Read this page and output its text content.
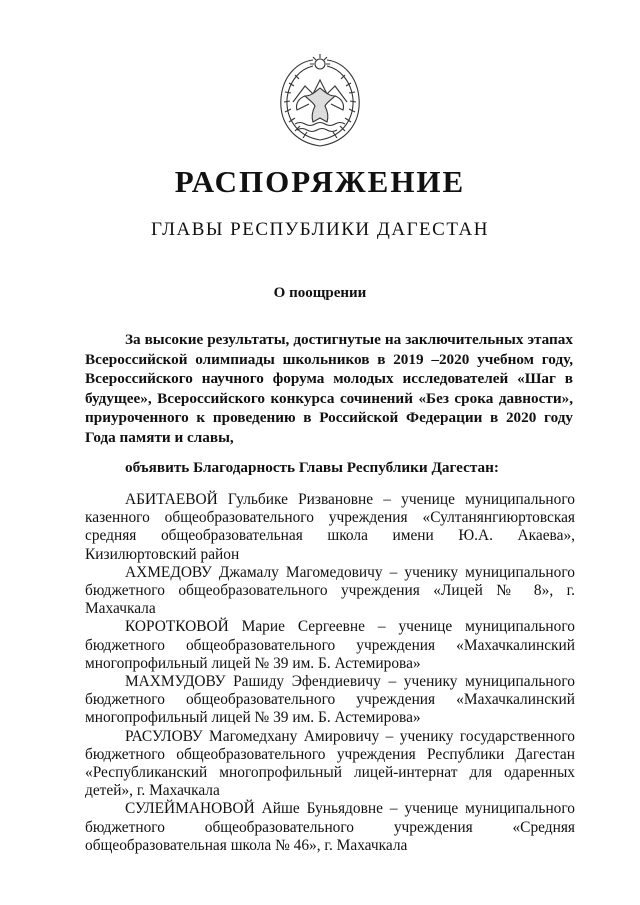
РАСПОРЯЖЕНИЕ
ГЛАВЫ РЕСПУБЛИКИ ДАГЕСТАН
О поощрении

За высокие результаты, достигнутые на заключительных этапах Всероссийской олимпиады школьников в 2019 –2020 учебном году, Всероссийского научного форума молодых исследователей «Шаг в будущее», Всероссийского конкурса сочинений «Без срока давности», приуроченного к проведению в Российской Федерации в 2020 году Года памяти и славы,

объявить Благодарность Главы Республики Дагестан:

АБИТАЕВОЙ Гульбике Ризвановне – ученице муниципального казенного общеобразовательного учреждения «Султанянгиюртовская средняя общеобразовательная школа имени Ю.А. Акаева», Кизилюртовский район
АХМЕДОВУ Джамалу Магомедовичу – ученику муниципального бюджетного общеобразовательного учреждения «Лицей № 8», г. Махачкала
КОРОТКОВОЙ Марие Сергеевне – ученице муниципального бюджетного общеобразовательного учреждения «Махачкалинский многопрофильный лицей № 39 им. Б. Астемирова»
МАХМУДОВУ Рашиду Эфендиевичу – ученику муниципального бюджетного общеобразовательного учреждения «Махачкалинский многопрофильный лицей № 39 им. Б. Астемирова»
РАСУЛОВУ Магомедхану Амировичу – ученику государственного бюджетного общеобразовательного учреждения Республики Дагестан «Республиканский многопрофильный лицей-интернат для одаренных детей», г. Махачкала
СУЛЕЙМАНОВОЙ Айше Буньядовне – ученице муниципального бюджетного общеобразовательного учреждения «Средняя общеобразовательная школа № 46», г. Махачкала
